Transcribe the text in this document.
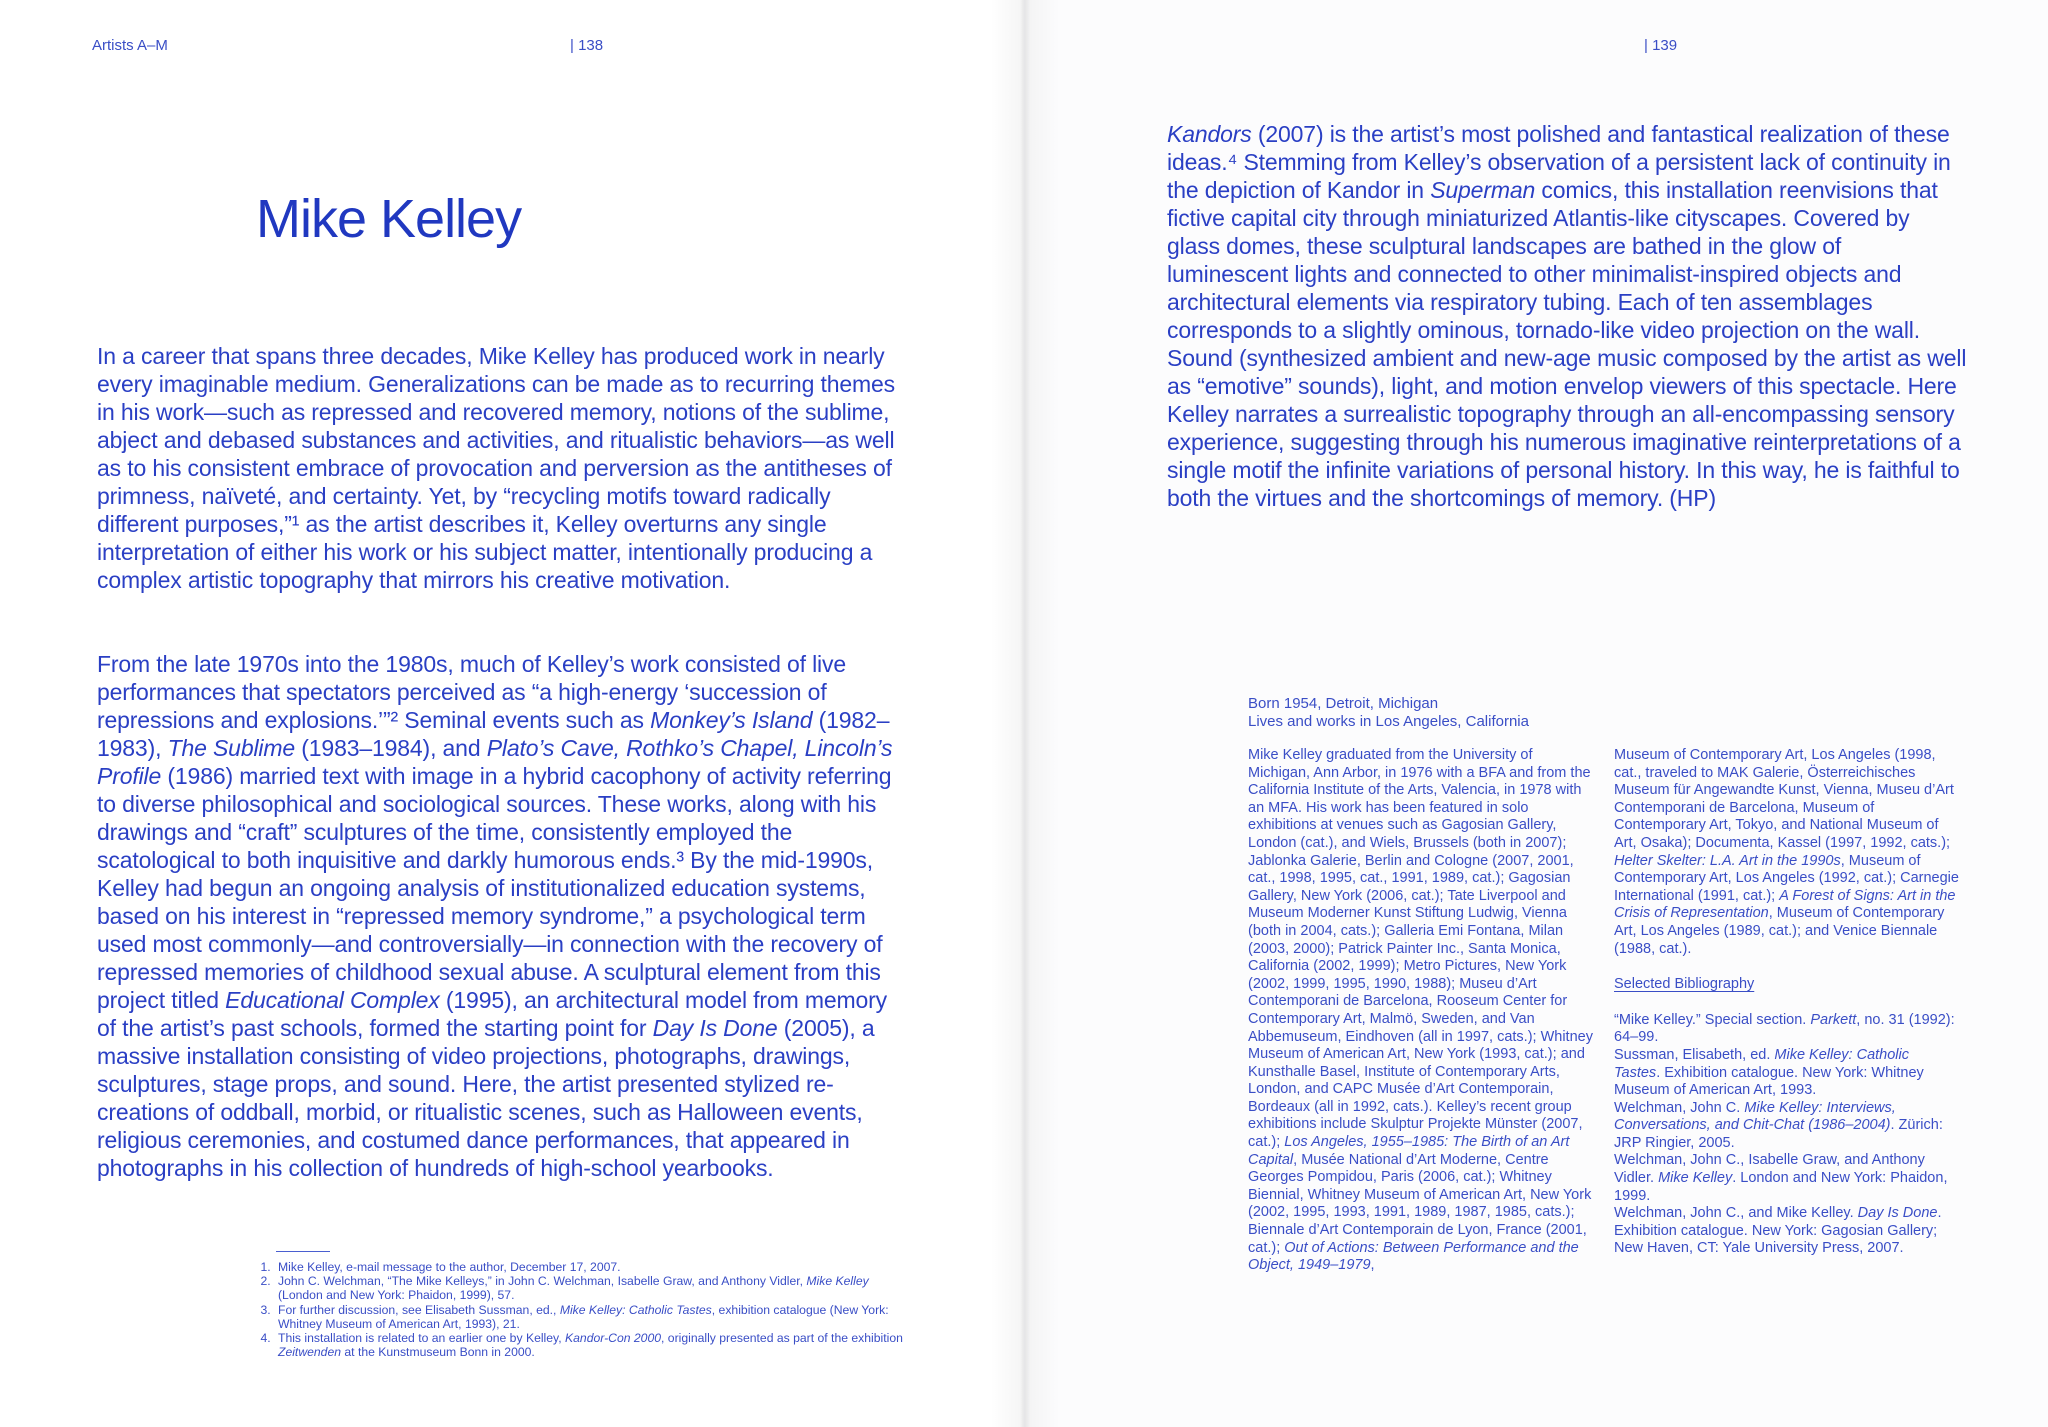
Artists A–M
|	138
Mike Kelley

In a career that spans three decades, Mike Kelley has produced work in nearly every imaginable medium. Generalizations can be made as to recurring themes in his work—such as repressed and recovered memory, notions of the sublime, abject and debased substances and activities, and ritualistic behaviors—as well as to his consistent embrace of provocation and perversion as the antitheses of primness, naïveté, and certainty. Yet, by “recycling motifs toward radically different purposes,”¹ as the artist describes it, Kelley overturns any single interpretation of either his work or his subject matter, intentionally producing a complex artistic topography that mirrors his creative motivation.

From the late 1970s into the 1980s, much of Kelley’s work consisted of live performances that spectators perceived as “a high-energy ‘succession of repressions and explosions.’”² Seminal events such as Monkey’s Island (1982–1983), The Sublime (1983–1984), and Plato’s Cave, Rothko’s Chapel, Lincoln’s Profile (1986) married text with image in a hybrid cacophony of activity referring to diverse philosophical and sociological sources. These works, along with his drawings and “craft” sculptures of the time, consistently employed the scatological to both inquisitive and darkly humorous ends.³ By the mid-1990s, Kelley had begun an ongoing analysis of institutionalized education systems, based on his interest in “repressed memory syndrome,” a psychological term used most commonly—and controversially—in connection with the recovery of repressed memories of childhood sexual abuse. A sculptural element from this project titled Educational Complex (1995), an architectural model from memory of the artist’s past schools, formed the starting point for Day Is Done (2005), a massive installation consisting of video projections, photographs, drawings, sculptures, stage props, and sound. Here, the artist presented stylized re-creations of oddball, morbid, or ritualistic scenes, such as Halloween events, religious ceremonies, and costumed dance performances, that appeared in photographs in his collection of hundreds of high-school yearbooks.

1. Mike Kelley, e-mail message to the author, December 17, 2007.
2. John C. Welchman, “The Mike Kelleys,” in John C. Welchman, Isabelle Graw, and Anthony Vidler, Mike Kelley (London and New York: Phaidon, 1999), 57.
3. For further discussion, see Elisabeth Sussman, ed., Mike Kelley: Catholic Tastes, exhibition catalogue (New York: Whitney Museum of American Art, 1993), 21.
4. This installation is related to an earlier one by Kelley, Kandor-Con 2000, originally presented as part of the exhibition Zeitwenden at the Kunstmuseum Bonn in 2000.
| 139

Kandors (2007) is the artist’s most polished and fantastical realization of these ideas.⁴ Stemming from Kelley’s observation of a persistent lack of continuity in the depiction of Kandor in Superman comics, this installation reenvisions that fictive capital city through miniaturized Atlantis-like cityscapes. Covered by glass domes, these sculptural landscapes are bathed in the glow of luminescent lights and connected to other minimalist-inspired objects and architectural elements via respiratory tubing. Each of ten assemblages corresponds to a slightly ominous, tornado-like video projection on the wall. Sound (synthesized ambient and new-age music composed by the artist as well as “emotive” sounds), light, and motion envelop viewers of this spectacle. Here Kelley narrates a surrealistic topography through an all-encompassing sensory experience, suggesting through his numerous imaginative reinterpretations of a single motif the infinite variations of personal history. In this way, he is faithful to both the virtues and the shortcomings of memory. (HP)

Born 1954, Detroit, Michigan
Lives and works in Los Angeles, California

Mike Kelley graduated from the University of Michigan, Ann Arbor, in 1976 with a BFA and from the California Institute of the Arts, Valencia, in 1978 with an MFA. His work has been featured in solo exhibitions at venues such as Gagosian Gallery, London (cat.), and Wiels, Brussels (both in 2007); Jablonka Galerie, Berlin and Cologne (2007, 2001, cat., 1998, 1995, cat., 1991, 1989, cat.); Gagosian Gallery, New York (2006, cat.); Tate Liverpool and Museum Moderner Kunst Stiftung Ludwig, Vienna (both in 2004, cats.); Galleria Emi Fontana, Milan (2003, 2000); Patrick Painter Inc., Santa Monica, California (2002, 1999); Metro Pictures, New York (2002, 1999, 1995, 1990, 1988); Museu d’Art Contemporani de Barcelona, Rooseum Center for Contemporary Art, Malmö, Sweden, and Van Abbemuseum, Eindhoven (all in 1997, cats.); Whitney Museum of American Art, New York (1993, cat.); and Kunsthalle Basel, Institute of Contemporary Arts, London, and CAPC Musée d’Art Contemporain, Bordeaux (all in 1992, cats.). Kelley’s recent group exhibitions include Skulptur Projekte Münster (2007, cat.); Los Angeles, 1955–1985: The Birth of an Art Capital, Musée National d’Art Moderne, Centre Georges Pompidou, Paris (2006, cat.); Whitney Biennial, Whitney Museum of American Art, New York (2002, 1995, 1993, 1991, 1989, 1987, 1985, cats.); Biennale d’Art Contemporain de Lyon, France (2001, cat.); Out of Actions: Between Performance and the Object, 1949–1979,

Museum of Contemporary Art, Los Angeles (1998, cat., traveled to MAK Galerie, Österreichisches Museum für Angewandte Kunst, Vienna, Museu d’Art Contemporani de Barcelona, Museum of Contemporary Art, Tokyo, and National Museum of Art, Osaka); Documenta, Kassel (1997, 1992, cats.); Helter Skelter: L.A. Art in the 1990s, Museum of Contemporary Art, Los Angeles (1992, cat.); Carnegie International (1991, cat.); A Forest of Signs: Art in the Crisis of Representation, Museum of Contemporary Art, Los Angeles (1989, cat.); and Venice Biennale (1988, cat.).

Selected Bibliography

“Mike Kelley.” Special section. Parkett, no. 31 (1992): 64–99.

Sussman, Elisabeth, ed. Mike Kelley: Catholic Tastes. Exhibition catalogue. New York: Whitney Museum of American Art, 1993.

Welchman, John C. Mike Kelley: Interviews, Conversations, and Chit-Chat (1986–2004). Zürich: JRP Ringier, 2005.

Welchman, John C., Isabelle Graw, and Anthony Vidler. Mike Kelley. London and New York: Phaidon, 1999.

Welchman, John C., and Mike Kelley. Day Is Done. Exhibition catalogue. New York: Gagosian Gallery; New Haven, CT: Yale University Press, 2007.
